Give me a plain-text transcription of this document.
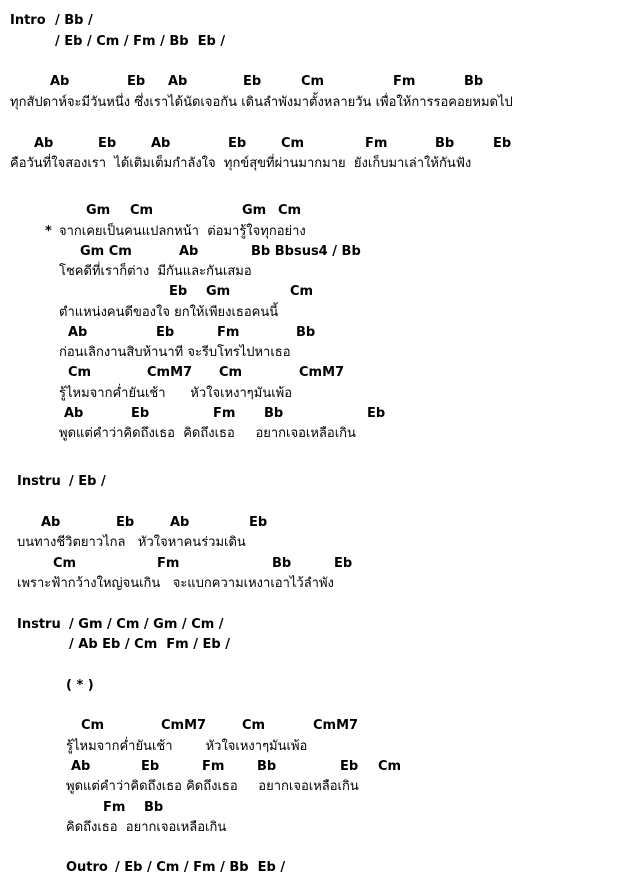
Intro / Bb /
/ Eb / Cm / Fm / Bb  Eb /
Ab	Eb Ab	Eb	Cm	Fm	Bb
ทุกสัปดาห์จะมีวันหนึ่ง ซึ่งเราได้นัดเจอกัน เดินลำพังมาตั้งหลายวัน เพื่อให้การรอคอยหมดไป
Ab	Eb	Ab	Eb	Cm	Fm	Bb	Eb
คือวันที่ใจสองเรา  ได้เติมเต็มกำลังใจ  ทุกข์สุขที่ผ่านมากมาย  ยังเก็บมาเล่าให้กันฟัง
Gm Cm	Gm Cm
* จากเคยเป็นคนแปลกหน้า  ต่อมารู้ใจทุกอย่าง
Gm Cm	Ab	Bb Bbsus4 / Bb
โชคดีที่เราก็ต่าง  มีกันและกันเสมอ
Eb Gm	Cm
ตำแหน่งคนดีของใจ ยกให้เพียงเธอคนนี้
Ab	Eb	Fm	Bb
ก่อนเลิกงานสิบห้านาที จะรีบโทรไปหาเธอ
Cm	CmM7 Cm	CmM7
รู้ไหมจากค่ำยันเช้า      หัวใจเหงาๆมันเพ้อ
Ab	Eb	Fm Bb	Eb
พูดแต่คำว่าคิดถึงเธอ  คิดถึงเธอ     อยากเจอเหลือเกิน
Instru / Eb /
Ab	Eb	Ab	Eb
บนทางชีวิตยาวไกล   หัวใจหาคนร่วมเดิน
Cm	Fm	Bb	Eb
เพราะฟ้ากว้างใหญ่จนเกิน   จะแบกความเหงาเอาไว้ลำพัง
Instru / Gm / Cm / Gm / Cm /
/ Ab Eb / Cm  Fm / Eb /
( * )
Cm	CmM7	Cm	CmM7
รู้ไหมจากค่ำยันเช้า        หัวใจเหงาๆมันเพ้อ
Ab	Eb	Fm	Bb	Eb Cm
พูดแต่คำว่าคิดถึงเธอ คิดถึงเธอ     อยากเจอเหลือเกิน
Fm Bb
คิดถึงเธอ  อยากเจอเหลือเกิน
Outro / Eb / Cm / Fm / Bb  Eb /
